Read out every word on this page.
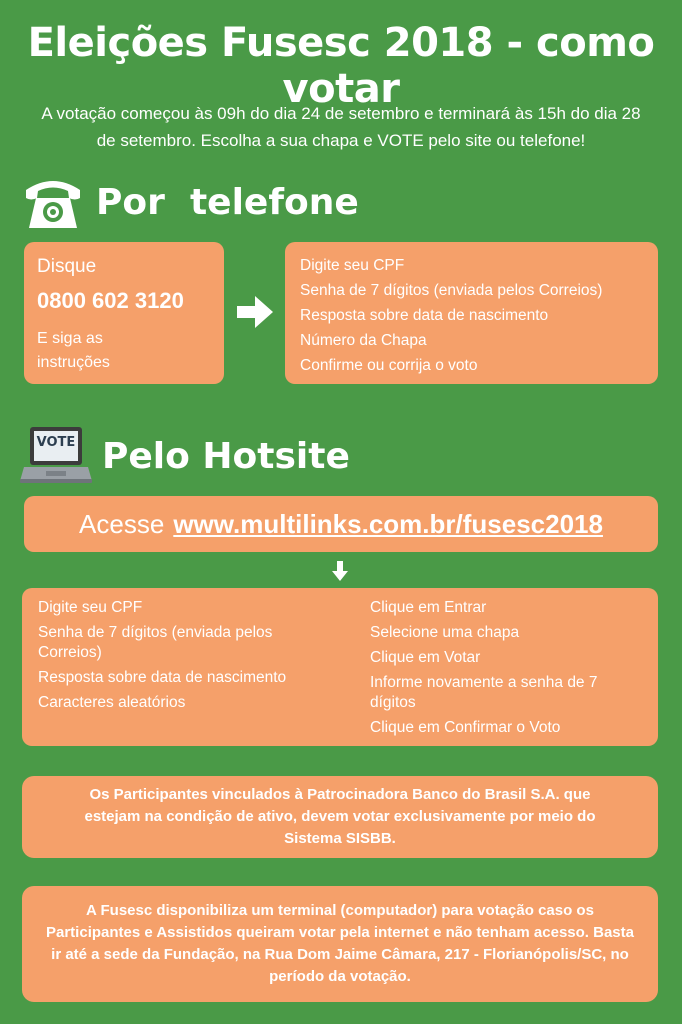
Eleições Fusesc 2018 - como votar
A votação começou às 09h do dia 24 de setembro e terminará às 15h do dia 28 de setembro. Escolha a sua chapa e VOTE pelo site ou telefone!
Por  telefone
Disque
0800 602 3120
E siga as
instruções
Digite seu CPF
Senha de 7 dígitos (enviada pelos Correios)
Resposta sobre data de nascimento
Número da Chapa
Confirme ou corrija o voto
VOTE Pelo Hotsite
Acesse www.multilinks.com.br/fusesc2018
Digite seu CPF
Senha de 7 dígitos (enviada pelos Correios)
Resposta sobre data de nascimento
Caracteres aleatórios
Clique em Entrar
Selecione uma chapa
Clique em Votar
Informe novamente a senha de 7 dígitos
Clique em Confirmar o Voto
Os Participantes vinculados à Patrocinadora Banco do Brasil S.A. que estejam na condição de ativo, devem votar exclusivamente por meio do Sistema SISBB.
A Fusesc disponibiliza um terminal (computador) para votação caso os Participantes e Assistidos queiram votar pela internet e não tenham acesso. Basta ir até a sede da Fundação, na Rua Dom Jaime Câmara, 217 - Florianópolis/SC, no período da votação.
